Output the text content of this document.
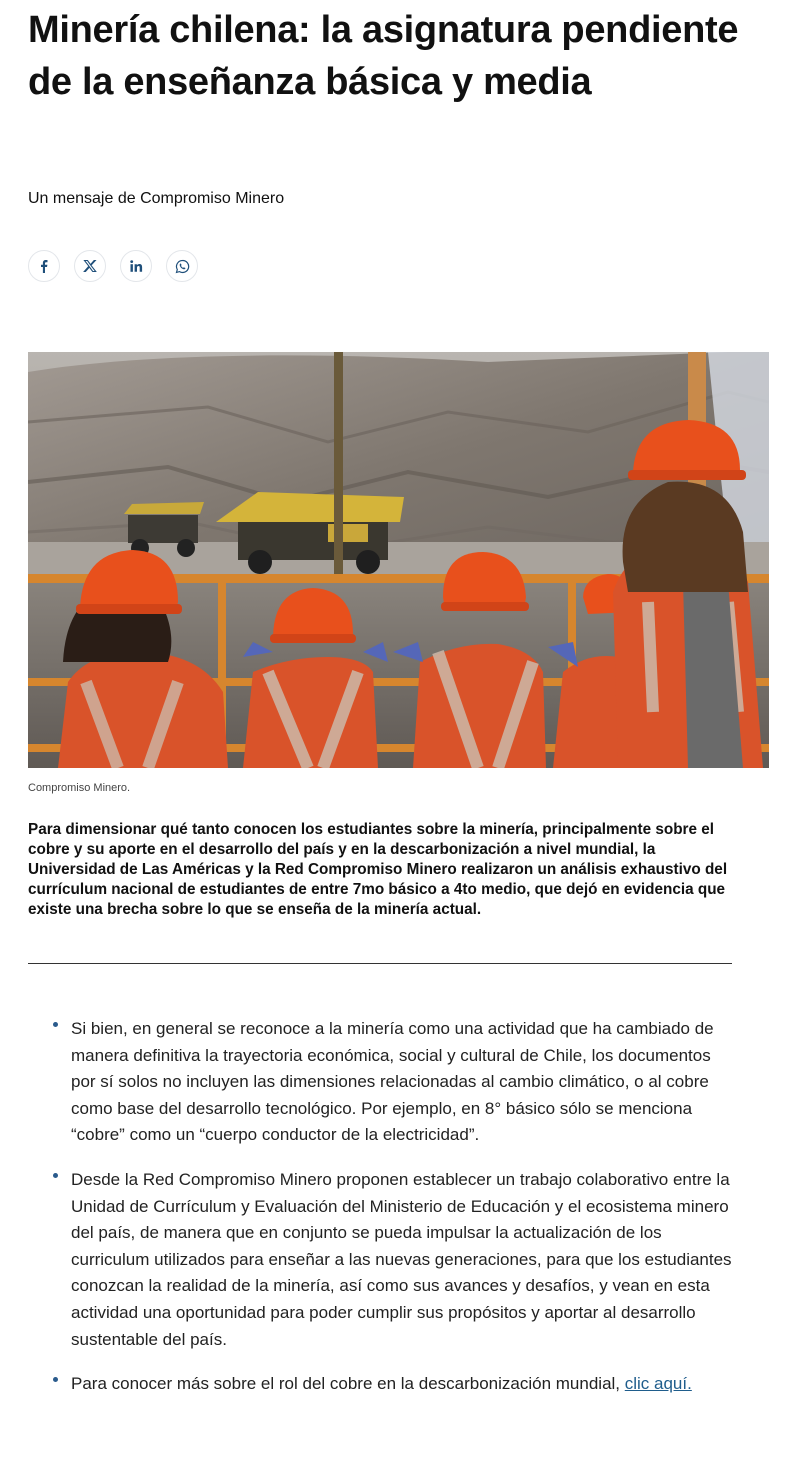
Minería chilena: la asignatura pendiente de la enseñanza básica y media

Un mensaje de Compromiso Minero

Compromiso Minero.

Para dimensionar qué tanto conocen los estudiantes sobre la minería, principalmente sobre el cobre y su aporte en el desarrollo del país y en la descarbonización a nivel mundial, la Universidad de Las Américas y la Red Compromiso Minero realizaron un análisis exhaustivo del currículum nacional de estudiantes de entre 7mo básico a 4to medio, que dejó en evidencia que existe una brecha sobre lo que se enseña de la minería actual.

Si bien, en general se reconoce a la minería como una actividad que ha cambiado de manera definitiva la trayectoria económica, social y cultural de Chile, los documentos por sí solos no incluyen las dimensiones relacionadas al cambio climático, o al cobre como base del desarrollo tecnológico. Por ejemplo, en 8° básico sólo se menciona “cobre” como un “cuerpo conductor de la electricidad”.
Desde la Red Compromiso Minero proponen establecer un trabajo colaborativo entre la Unidad de Currículum y Evaluación del Ministerio de Educación y el ecosistema minero del país, de manera que en conjunto se pueda impulsar la actualización de los curriculum utilizados para enseñar a las nuevas generaciones, para que los estudiantes conozcan la realidad de la minería, así como sus avances y desafíos, y vean en esta actividad una oportunidad para poder cumplir sus propósitos y aportar al desarrollo sustentable del país.
Para conocer más sobre el rol del cobre en la descarbonización mundial, clic aquí.
